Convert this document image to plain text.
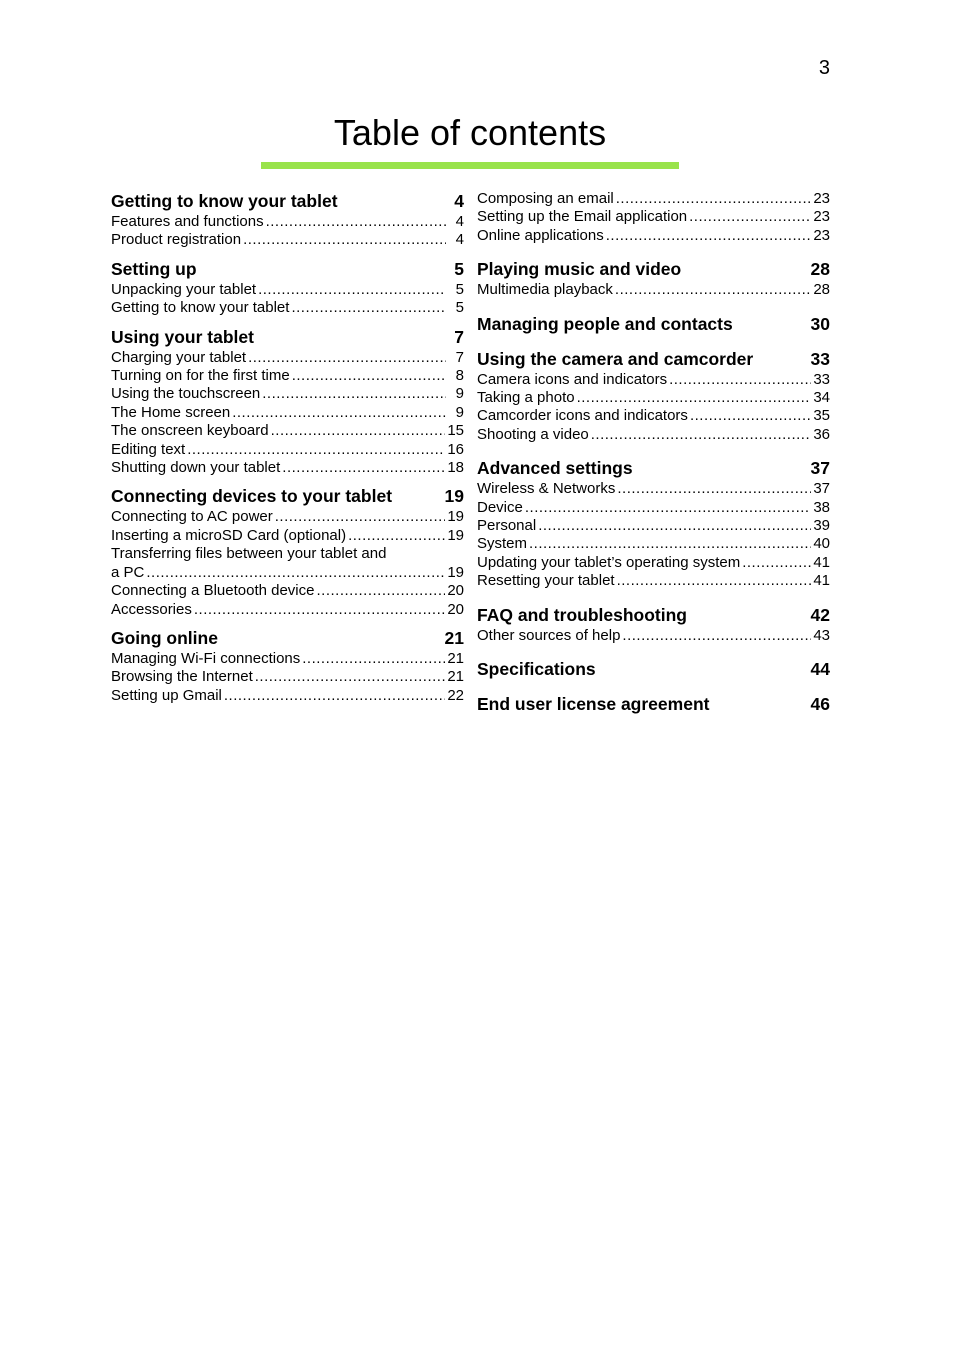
3
Table of contents
Getting to know your tablet	4
Features and functions .....	4
Product registration .....	4
Setting up	5
Unpacking your tablet .....	5
Getting to know your tablet .....	5
Using your tablet	7
Charging your tablet .....	7
Turning on for the first time .....	8
Using the touchscreen .....	9
The Home screen .....	9
The onscreen keyboard .....	15
Editing text .....	16
Shutting down your tablet .....	18
Connecting devices to your tablet	19
Connecting to AC power .....	19
Inserting a microSD Card (optional) .....	19
Transferring files between your tablet and
a PC .....	19
Connecting a Bluetooth device .....	20
Accessories .....	20
Going online	21
Managing Wi-Fi connections .....	21
Browsing the Internet .....	21
Setting up Gmail .....	22
Composing an email .....	23
Setting up the Email application .....	23
Online applications .....	23
Playing music and video	28
Multimedia playback .....	28
Managing people and contacts	30
Using the camera and camcorder	33
Camera icons and indicators .....	33
Taking a photo .....	34
Camcorder icons and indicators .....	35
Shooting a video .....	36
Advanced settings	37
Wireless & Networks .....	37
Device .....	38
Personal .....	39
System .....	40
Updating your tablet’s operating system .....	41
Resetting your tablet .....	41
FAQ and troubleshooting	42
Other sources of help .....	43
Specifications	44
End user license agreement	46
